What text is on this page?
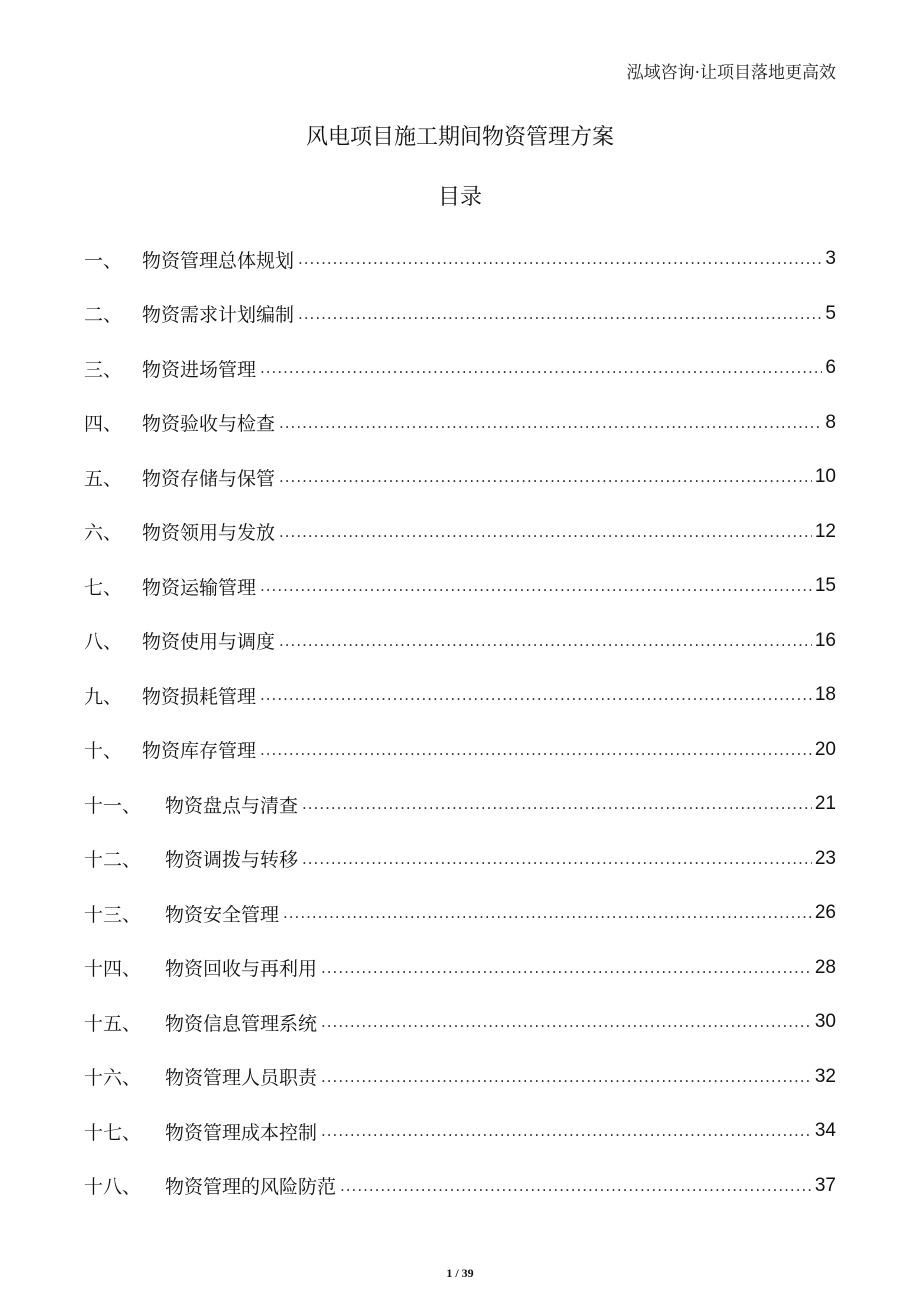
泓域咨询·让项目落地更高效
风电项目施工期间物资管理方案
目录
一、	物资管理总体规划 .....	3
二、	物资需求计划编制 .....	5
三、	物资进场管理 .....	6
四、	物资验收与检查 .....	8
五、	物资存储与保管 .....	10
六、	物资领用与发放 .....	12
七、	物资运输管理 .....	15
八、	物资使用与调度 .....	16
九、	物资损耗管理 .....	18
十、	物资库存管理 .....	20
十一、	物资盘点与清查 .....	21
十二、	物资调拨与转移 .....	23
十三、	物资安全管理 .....	26
十四、	物资回收与再利用 .....	28
十五、	物资信息管理系统 .....	30
十六、	物资管理人员职责 .....	32
十七、	物资管理成本控制 .....	34
十八、	物资管理的风险防范 .....	37
1 / 39
